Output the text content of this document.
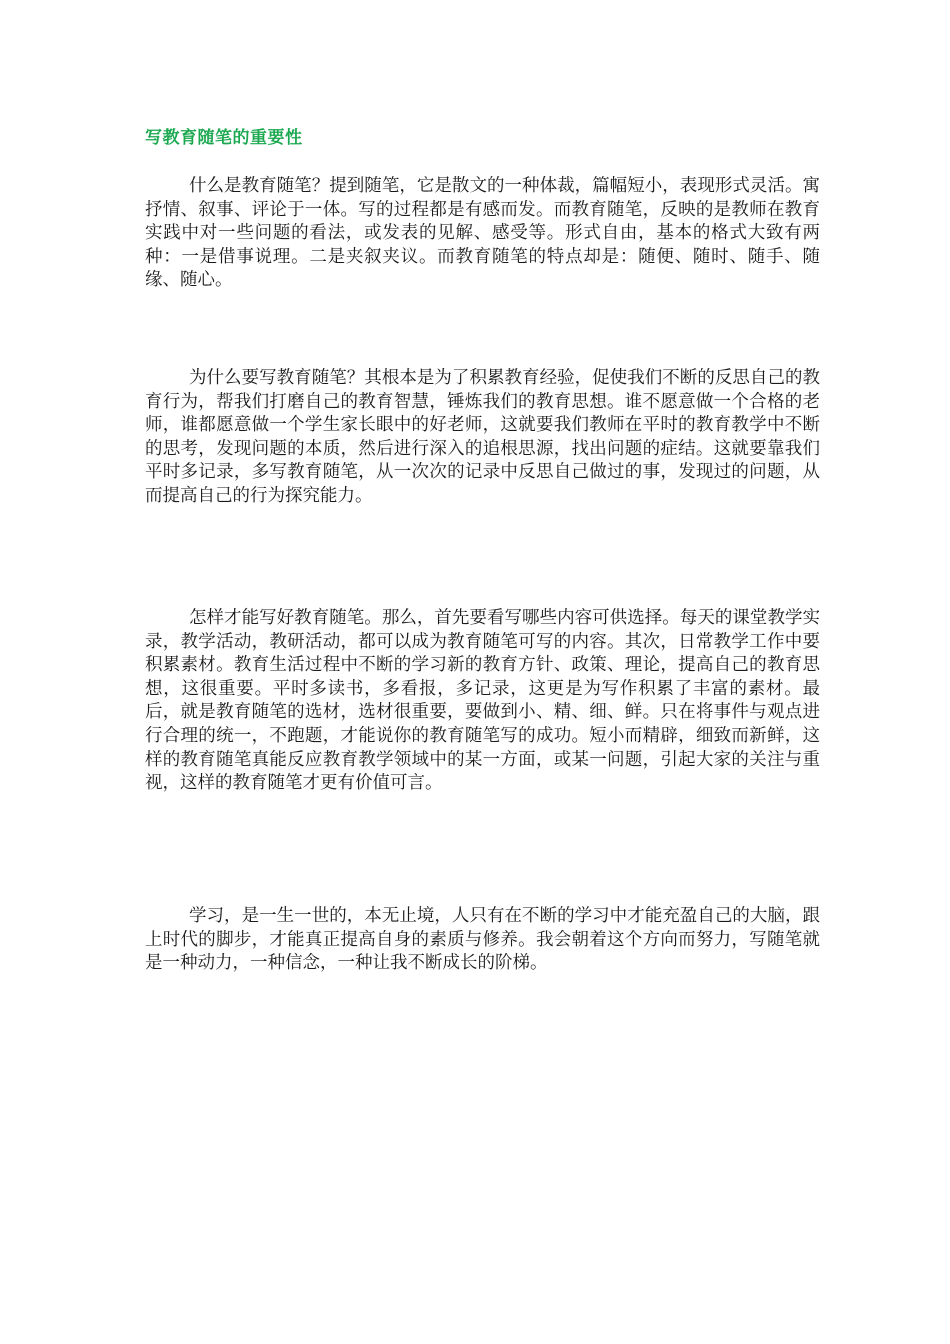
写教育随笔的重要性

什么是教育随笔？提到随笔，它是散文的一种体裁，篇幅短小，表现形式灵活。寓抒情、叙事、评论于一体。写的过程都是有感而发。而教育随笔，反映的是教师在教育实践中对一些问题的看法，或发表的见解、感受等。形式自由，基本的格式大致有两种：一是借事说理。二是夹叙夹议。而教育随笔的特点却是：随便、随时、随手、随缘、随心。

为什么要写教育随笔？其根本是为了积累教育经验，促使我们不断的反思自己的教育行为，帮我们打磨自己的教育智慧，锤炼我们的教育思想。谁不愿意做一个合格的老师，谁都愿意做一个学生家长眼中的好老师，这就要我们教师在平时的教育教学中不断的思考，发现问题的本质，然后进行深入的追根思源，找出问题的症结。这就要靠我们平时多记录，多写教育随笔，从一次次的记录中反思自己做过的事，发现过的问题，从而提高自己的行为探究能力。

怎样才能写好教育随笔。那么，首先要看写哪些内容可供选择。每天的课堂教学实录，教学活动，教研活动，都可以成为教育随笔可写的内容。其次，日常教学工作中要积累素材。教育生活过程中不断的学习新的教育方针、政策、理论，提高自己的教育思想，这很重要。平时多读书，多看报，多记录，这更是为写作积累了丰富的素材。最后，就是教育随笔的选材，选材很重要，要做到小、精、细、鲜。只在将事件与观点进行合理的统一，不跑题，才能说你的教育随笔写的成功。短小而精辟，细致而新鲜，这样的教育随笔真能反应教育教学领域中的某一方面，或某一问题，引起大家的关注与重视，这样的教育随笔才更有价值可言。

学习，是一生一世的，本无止境，人只有在不断的学习中才能充盈自己的大脑，跟上时代的脚步，才能真正提高自身的素质与修养。我会朝着这个方向而努力，写随笔就是一种动力，一种信念，一种让我不断成长的阶梯。
